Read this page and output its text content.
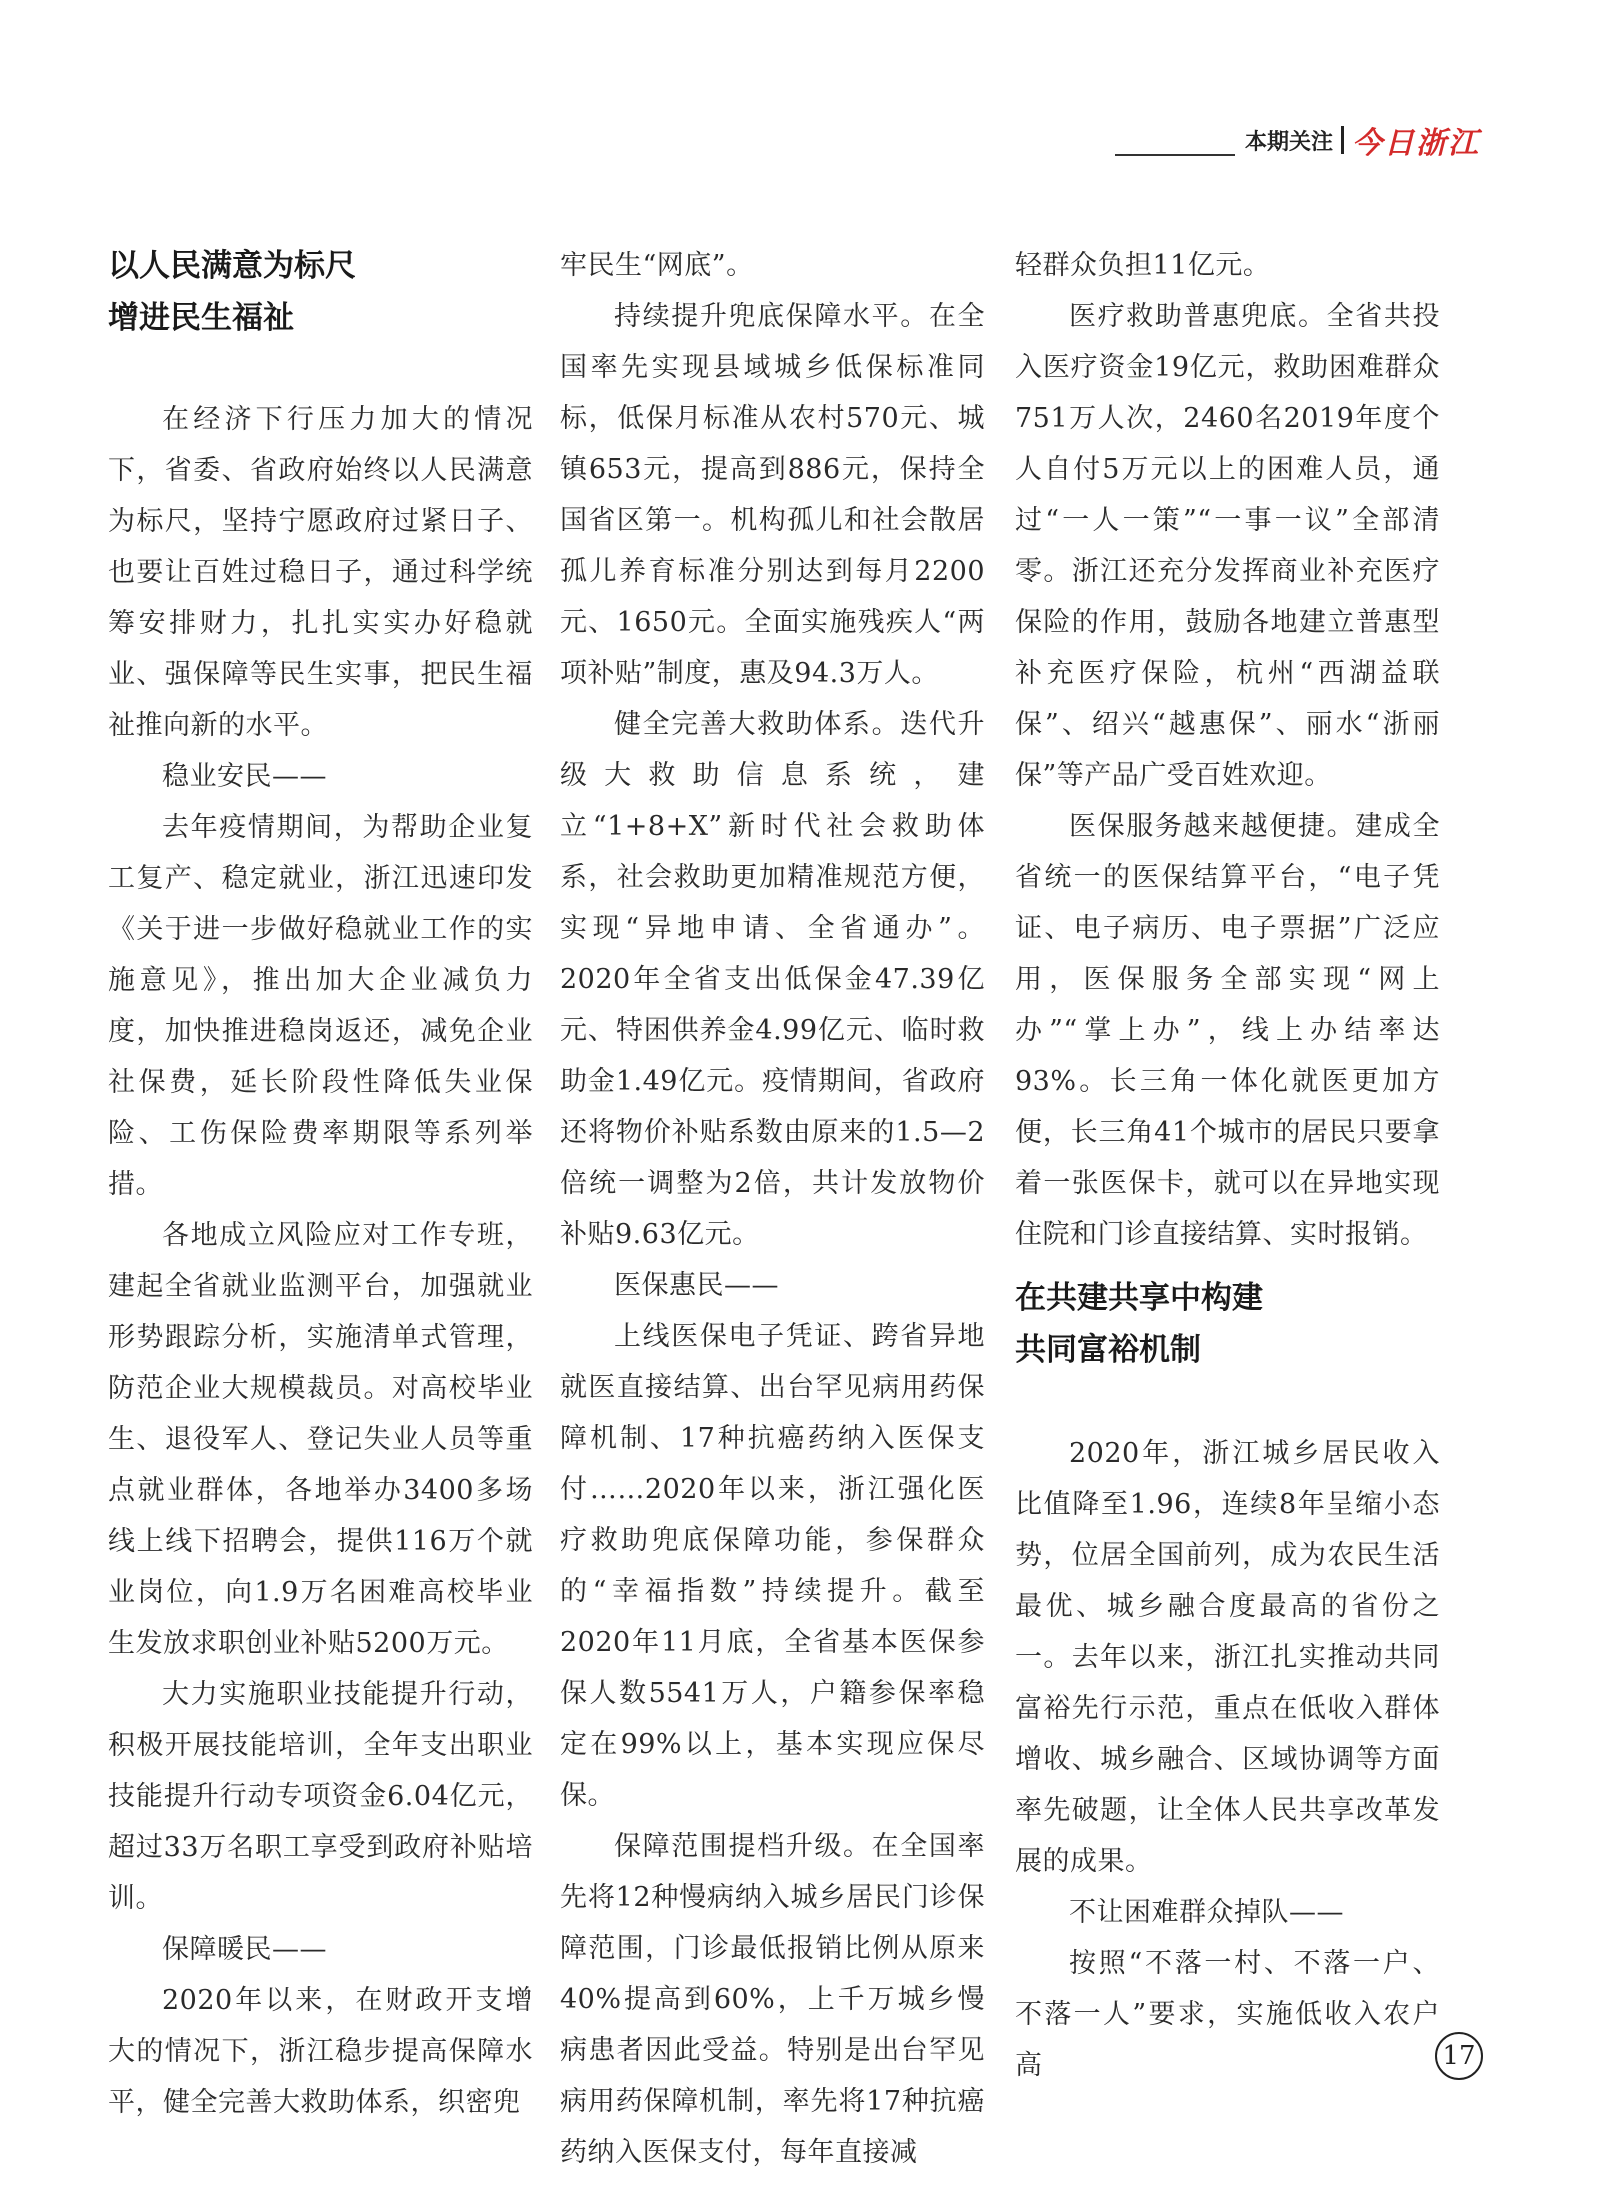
本期关注 今日浙江
以人民满意为标尺
增进民生福祉

在经济下行压力加大的情况下，省委、省政府始终以人民满意为标尺，坚持宁愿政府过紧日子、也要让百姓过稳日子，通过科学统筹安排财力，扎扎实实办好稳就业、强保障等民生实事，把民生福祉推向新的水平。

稳业安民——

去年疫情期间，为帮助企业复工复产、稳定就业，浙江迅速印发《关于进一步做好稳就业工作的实施意见》，推出加大企业减负力度，加快推进稳岗返还，减免企业社保费，延长阶段性降低失业保险、工伤保险费率期限等系列举措。

各地成立风险应对工作专班，建起全省就业监测平台，加强就业形势跟踪分析，实施清单式管理，防范企业大规模裁员。对高校毕业生、退役军人、登记失业人员等重点就业群体，各地举办3400多场线上线下招聘会，提供116万个就业岗位，向1.9万名困难高校毕业生发放求职创业补贴5200万元。

大力实施职业技能提升行动，积极开展技能培训，全年支出职业技能提升行动专项资金6.04亿元，超过33万名职工享受到政府补贴培训。

保障暖民——

2020年以来，在财政开支增大的情况下，浙江稳步提高保障水平，健全完善大救助体系，织密兜

牢民生“网底”。

持续提升兜底保障水平。在全国率先实现县域城乡低保标准同标，低保月标准从农村570元、城镇653元，提高到886元，保持全国省区第一。机构孤儿和社会散居孤儿养育标准分别达到每月2200元、1650元。全面实施残疾人“两项补贴”制度，惠及94.3万人。

健全完善大救助体系。迭代升级大救助信息系统，建立“1+8+X”新时代社会救助体系，社会救助更加精准规范方便，实现“异地申请、全省通办”。2020年全省支出低保金47.39亿元、特困供养金4.99亿元、临时救助金1.49亿元。疫情期间，省政府还将物价补贴系数由原来的1.5—2倍统一调整为2倍，共计发放物价补贴9.63亿元。

医保惠民——

上线医保电子凭证、跨省异地就医直接结算、出台罕见病用药保障机制、17种抗癌药纳入医保支付……2020年以来，浙江强化医疗救助兜底保障功能，参保群众的“幸福指数”持续提升。截至2020年11月底，全省基本医保参保人数5541万人，户籍参保率稳定在99%以上，基本实现应保尽保。

保障范围提档升级。在全国率先将12种慢病纳入城乡居民门诊保障范围，门诊最低报销比例从原来40%提高到60%，上千万城乡慢病患者因此受益。特别是出台罕见病用药保障机制，率先将17种抗癌药纳入医保支付，每年直接减

轻群众负担11亿元。

医疗救助普惠兜底。全省共投入医疗资金19亿元，救助困难群众751万人次，2460名2019年度个人自付5万元以上的困难人员，通过“一人一策”“一事一议”全部清零。浙江还充分发挥商业补充医疗保险的作用，鼓励各地建立普惠型补充医疗保险，杭州“西湖益联保”、绍兴“越惠保”、丽水“浙丽保”等产品广受百姓欢迎。

医保服务越来越便捷。建成全省统一的医保结算平台，“电子凭证、电子病历、电子票据”广泛应用，医保服务全部实现“网上办”“掌上办”，线上办结率达93%。长三角一体化就医更加方便，长三角41个城市的居民只要拿着一张医保卡，就可以在异地实现住院和门诊直接结算、实时报销。

在共建共享中构建
共同富裕机制

2020年，浙江城乡居民收入比值降至1.96，连续8年呈缩小态势，位居全国前列，成为农民生活最优、城乡融合度最高的省份之一。去年以来，浙江扎实推动共同富裕先行示范，重点在低收入群体增收、城乡融合、区域协调等方面率先破题，让全体人民共享改革发展的成果。

不让困难群众掉队——

按照“不落一村、不落一户、不落一人”要求，实施低收入农户高	17
